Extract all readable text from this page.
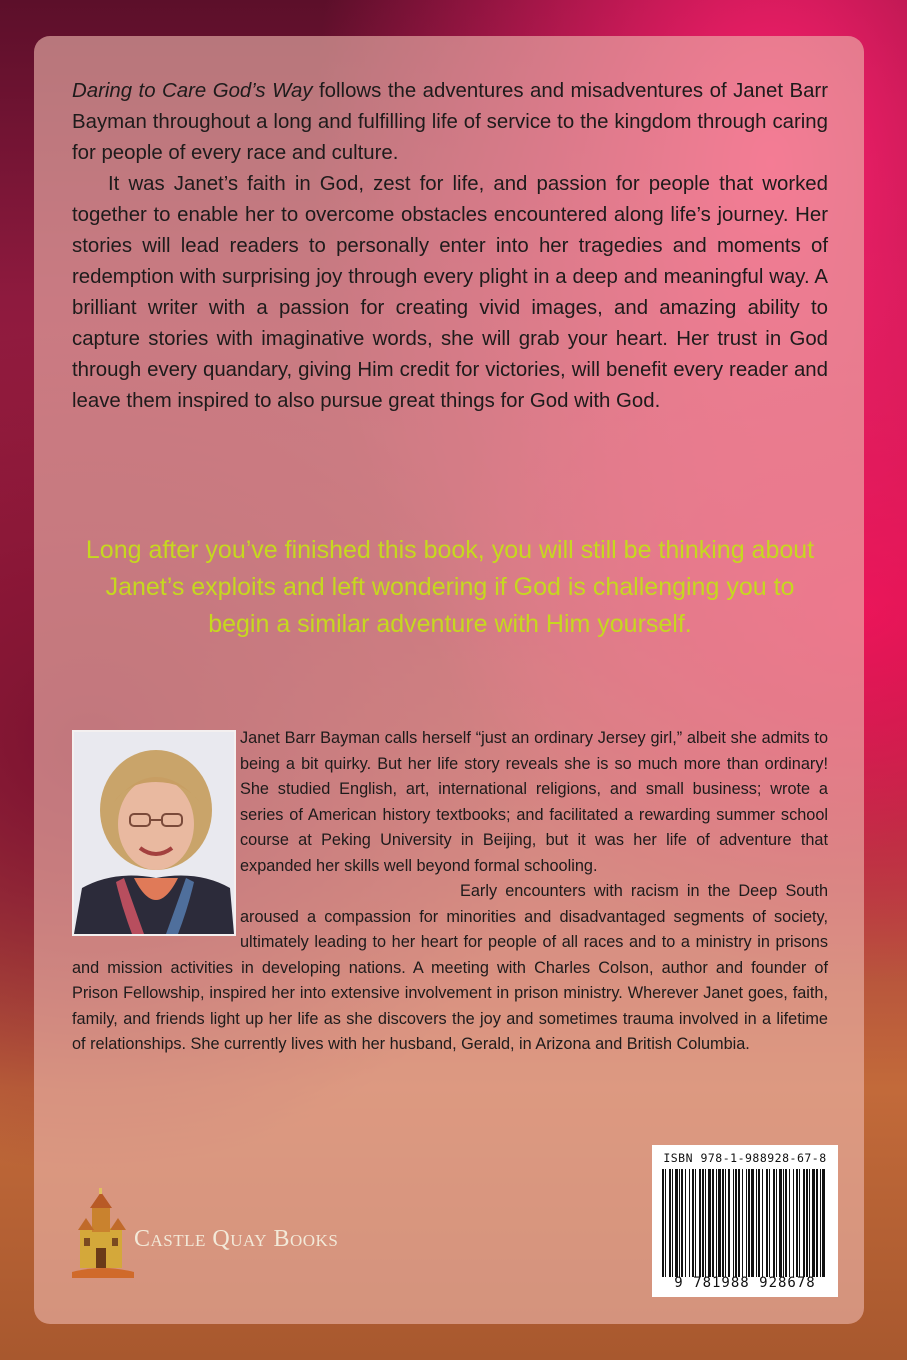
Daring to Care God’s Way follows the adventures and misadventures of Janet Barr Bayman throughout a long and fulfilling life of service to the kingdom through caring for people of every race and culture.

It was Janet’s faith in God, zest for life, and passion for people that worked together to enable her to overcome obstacles encountered along life’s journey. Her stories will lead readers to personally enter into her tragedies and moments of redemption with surprising joy through every plight in a deep and meaningful way. A brilliant writer with a passion for creating vivid images, and amazing ability to capture stories with imaginative words, she will grab your heart. Her trust in God through every quandary, giving Him credit for victories, will benefit every reader and leave them inspired to also pursue great things for God with God.

Long after you’ve finished this book, you will still be thinking about Janet’s exploits and left wondering if God is challenging you to begin a similar adventure with Him yourself.

Janet Barr Bayman calls herself “just an ordinary Jersey girl,” albeit she admits to being a bit quirky. But her life story reveals she is so much more than ordinary! She studied English, art, international religions, and small business; wrote a series of American history textbooks; and facilitated a rewarding summer school course at Peking University in Beijing, but it was her life of adventure that expanded her skills well beyond formal schooling.

Early encounters with racism in the Deep South aroused a compassion for minorities and disadvantaged segments of society, ultimately leading to her heart for people of all races and to a ministry in prisons and mission activities in developing nations. A meeting with Charles Colson, author and founder of Prison Fellowship, inspired her into extensive involvement in prison ministry. Wherever Janet goes, faith, family, and friends light up her life as she discovers the joy and sometimes trauma involved in a lifetime of relationships. She currently lives with her husband, Gerald, in Arizona and British Columbia.

ISBN 978-1-988928-67-8

9 781988 928678
Castle Quay Books
